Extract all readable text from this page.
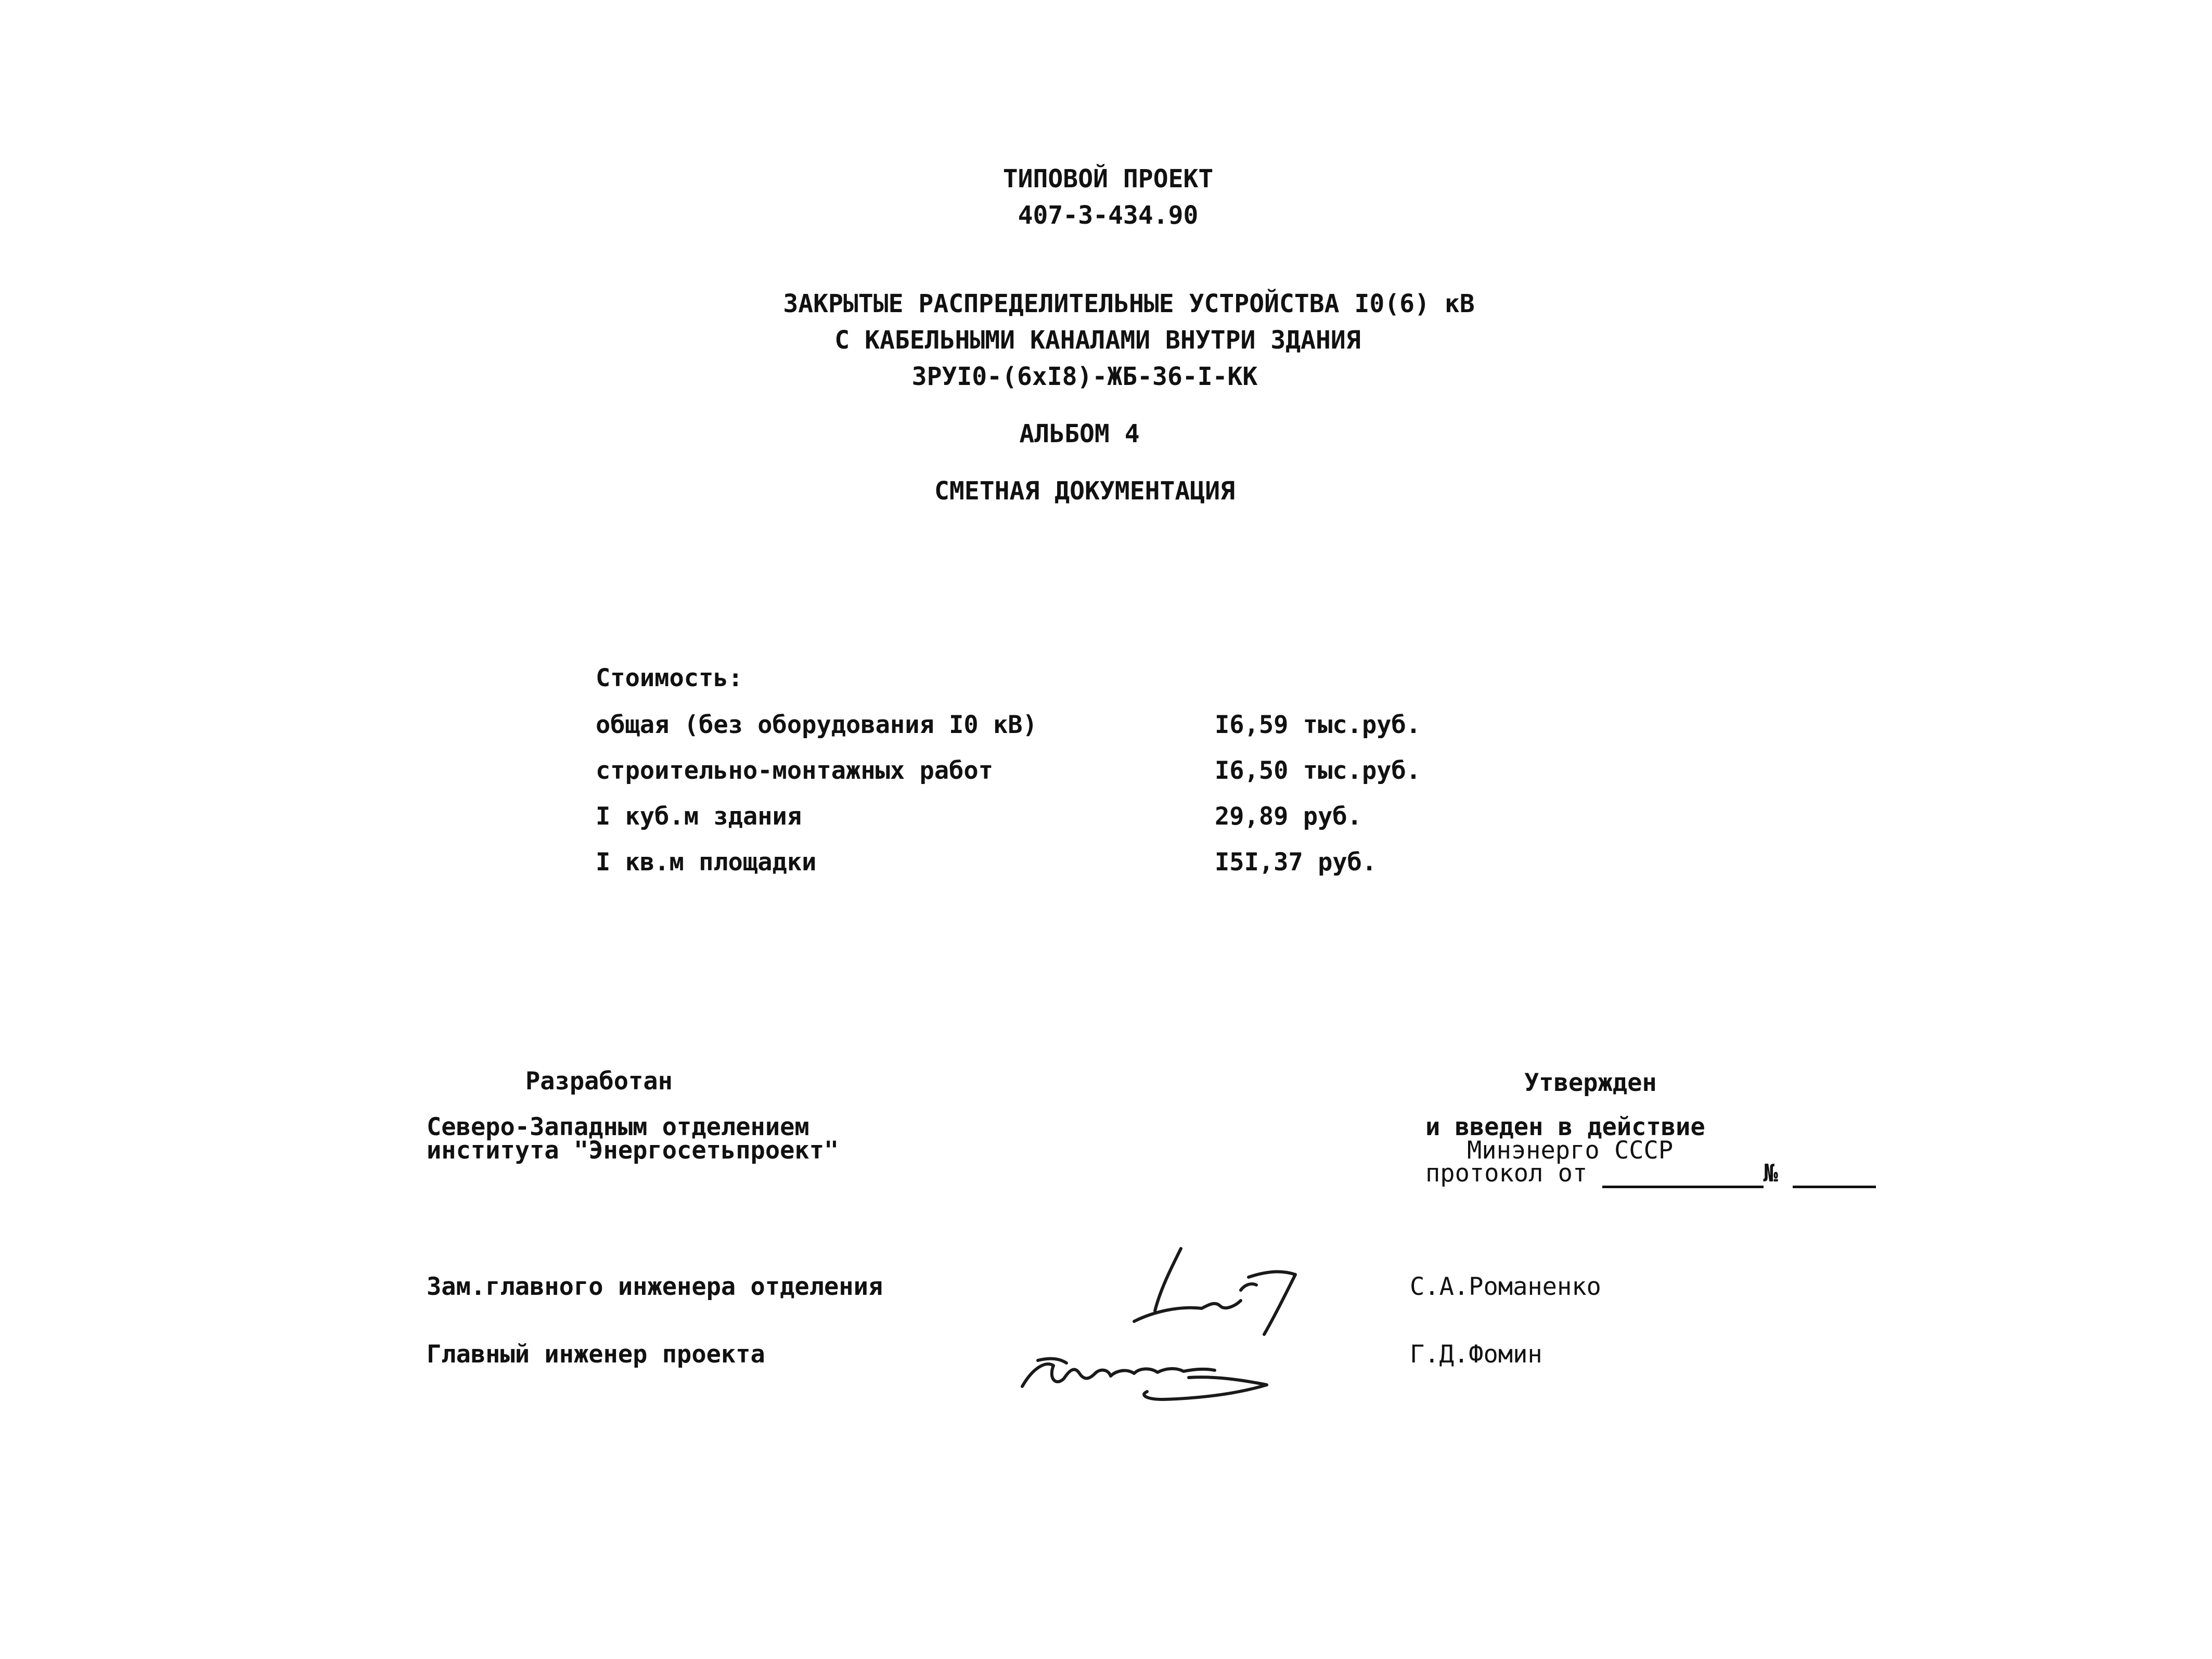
ТИПОВОЙ ПРОЕКТ
407-3-434.90
ЗАКРЫТЫЕ РАСПРЕДЕЛИТЕЛЬНЫЕ УСТРОЙСТВА I0(6) кВ
С КАБЕЛЬНЫМИ КАНАЛАМИ ВНУТРИ ЗДАНИЯ
ЗРУI0-(6хI8)-ЖБ-36-I-КК
АЛЬБОМ 4
СМЕТНАЯ ДОКУМЕНТАЦИЯ
Стоимость:
общая (без оборудования I0 кВ)	I6,59 тыс.руб.
строительно-монтажных работ	I6,50 тыс.руб.
I куб.м здания	29,89 руб.
I кв.м площадки	I5I,37 руб.
Разработан
Северо-Западным отделением
института "Энергосетьпроект"
Утвержден
и введен в действие
Минэнерго СССР
протокол от	№
Зам.главного инженера отделения	С.А.Романенко
Главный инженер проекта	Г.Д.Фомин
